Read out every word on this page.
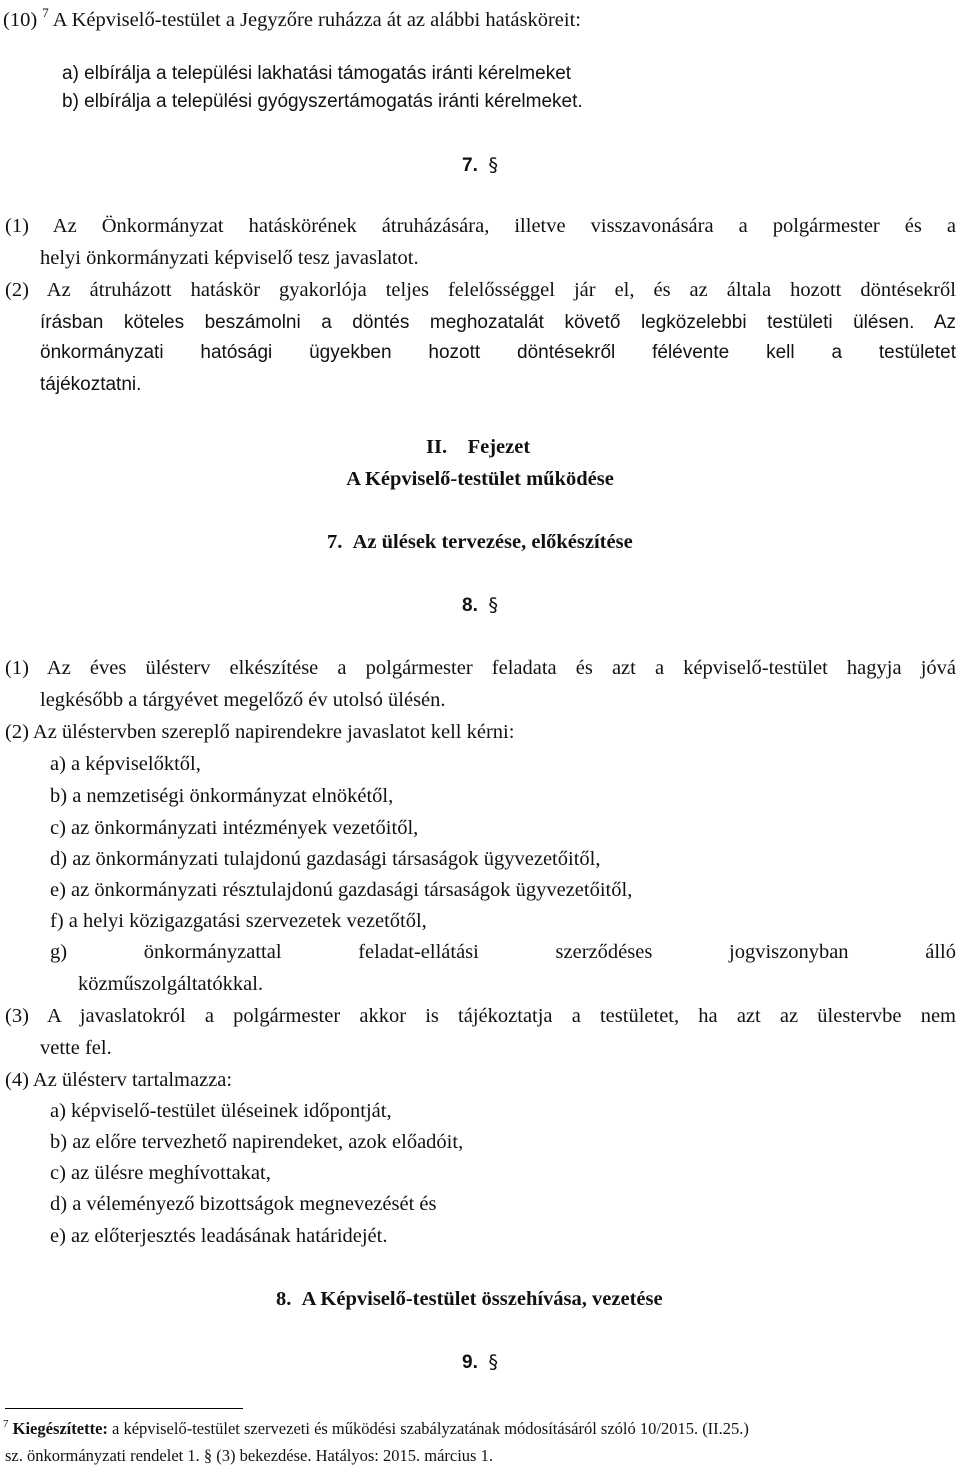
(10) $^7$ A Képviselő-testület a Jegyzőre ruházza át az alábbi hatásköreit:
a) elbírálja a települési lakhatási támogatás iránti kérelmeket
b) elbírálja a települési gyógyszertámogatás iránti kérelmeket.
7. §
(1) Az Önkormányzat hatáskörének átruházására, illetve visszavonására a polgármester és a
helyi önkormányzati képviselő tesz javaslatot.
(2) Az átruházott hatáskör gyakorlója teljes felelősséggel jár el, és az általa hozott döntésekről
írásban köteles beszámolni a döntés meghozatalát követő legközelebbi testületi ülésen. Az
önkormányzati hatósági ügyekben hozott döntésekről félévente kell a testületet
tájékoztatni.
II. Fejezet
A Képviselő-testület működése
7. Az ülések tervezése, előkészítése
8. §
(1) Az éves ülésterv elkészítése a polgármester feladata és azt a képviselő-testület hagyja jóvá
legkésőbb a tárgyévet megelőző év utolsó ülésén.
(2) Az üléstervben szereplő napirendekre javaslatot kell kérni:
a) a képviselőktől,
b) a nemzetiségi önkormányzat elnökétől,
c) az önkormányzati intézmények vezetőitől,
d) az önkormányzati tulajdonú gazdasági társaságok ügyvezetőitől,
e) az önkormányzati résztulajdonú gazdasági társaságok ügyvezetőitől,
f) a helyi közigazgatási szervezetek vezetőtől,
g) önkormányzattal feladat-ellátási szerződéses jogviszonyban álló
közműszolgáltatókkal.
(3) A javaslatokról a polgármester akkor is tájékoztatja a testületet, ha azt az ülestervbe nem
vette fel.
(4) Az ülésterv tartalmazza:
a) képviselő-testület üléseinek időpontját,
b) az előre tervezhető napirendeket, azok előadóit,
c) az ülésre meghívottakat,
d) a véleményező bizottságok megnevezését és
e) az előterjesztés leadásának határidejét.
8. A Képviselő-testület összehívása, vezetése
9. §
$^7$ Kiegészítette: a képviselő-testület szervezeti és működési szabályzatának módosításáról szóló 10/2015. (II.25.)
sz. önkormányzati rendelet 1. § (3) bekezdése. Hatályos: 2015. március 1.
